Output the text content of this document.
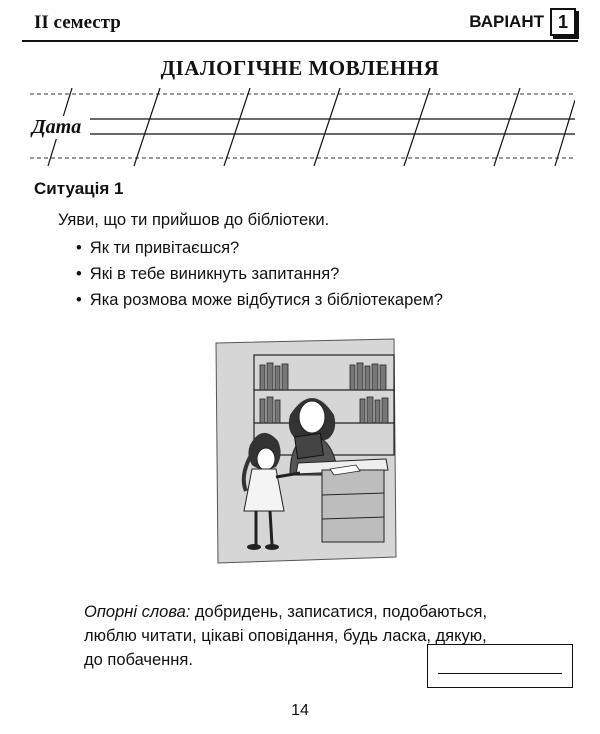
II семестр	ВАРІАНТ 1
ДІАЛОГІЧНЕ МОВЛЕННЯ
Дата
Ситуація 1
Уяви, що ти прийшов до бібліотеки.
• Як ти привітаєшся?
• Які в тебе виникнуть запитання?
• Яка розмова може відбутися з бібліотекарем?
Опорні слова: добридень, записатися, подобаються, люблю читати, цікаві оповідання, будь ласка, дякую, до побачення.
14
